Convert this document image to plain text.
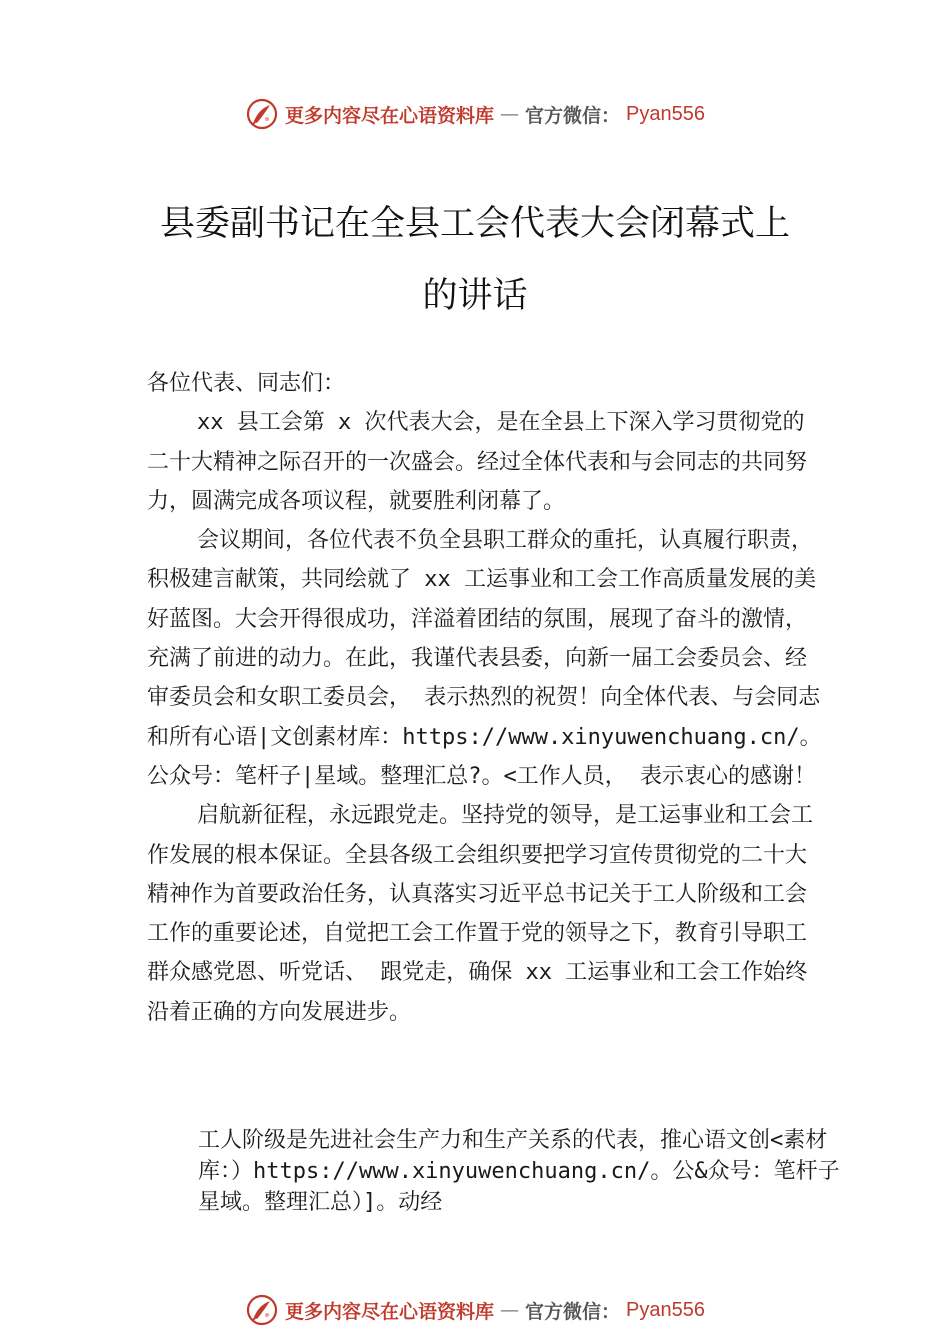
更多内容尽在心语资料库 — 官方微信： Pyan556
县委副书记在全县工会代表大会闭幕式上
的讲话

各位代表、同志们：

xx 县工会第 x 次代表大会，是在全县上下深入学习贯彻党的二十大精神之际召开的一次盛会。经过全体代表和与会同志的共同努力，圆满完成各项议程，就要胜利闭幕了。

会议期间，各位代表不负全县职工群众的重托，认真履行职责，积极建言献策，共同绘就了 xx 工运事业和工会工作高质量发展的美好蓝图。大会开得很成功，洋溢着团结的氛围，展现了奋斗的激情，充满了前进的动力。在此，我谨代表县委，向新一届工会委员会、经审委员会和女职工委员会， 表示热烈的祝贺！向全体代表、与会同志和所有心语|文创素材库：https://www.xinyuwenchuang.cn/。公众号：笔杆子|星域。整理汇总?。<工作人员， 表示衷心的感谢！

启航新征程，永远跟党走。坚持党的领导，是工运事业和工会工作发展的根本保证。全县各级工会组织要把学习宣传贯彻党的二十大精神作为首要政治任务，认真落实习近平总书记关于工人阶级和工会工作的重要论述，自觉把工会工作置于党的领导之下，教育引导职工群众感党恩、听党话、 跟党走，确保 xx 工运事业和工会工作始终沿着正确的方向发展进步。

工人阶级是先进社会生产力和生产关系的代表，推心语文创<素材库：）https://www.xinyuwenchuang.cn/。公&众号：笔杆子星域。整理汇总）]。动经

更多内容尽在心语资料库 — 官方微信： Pyan556
